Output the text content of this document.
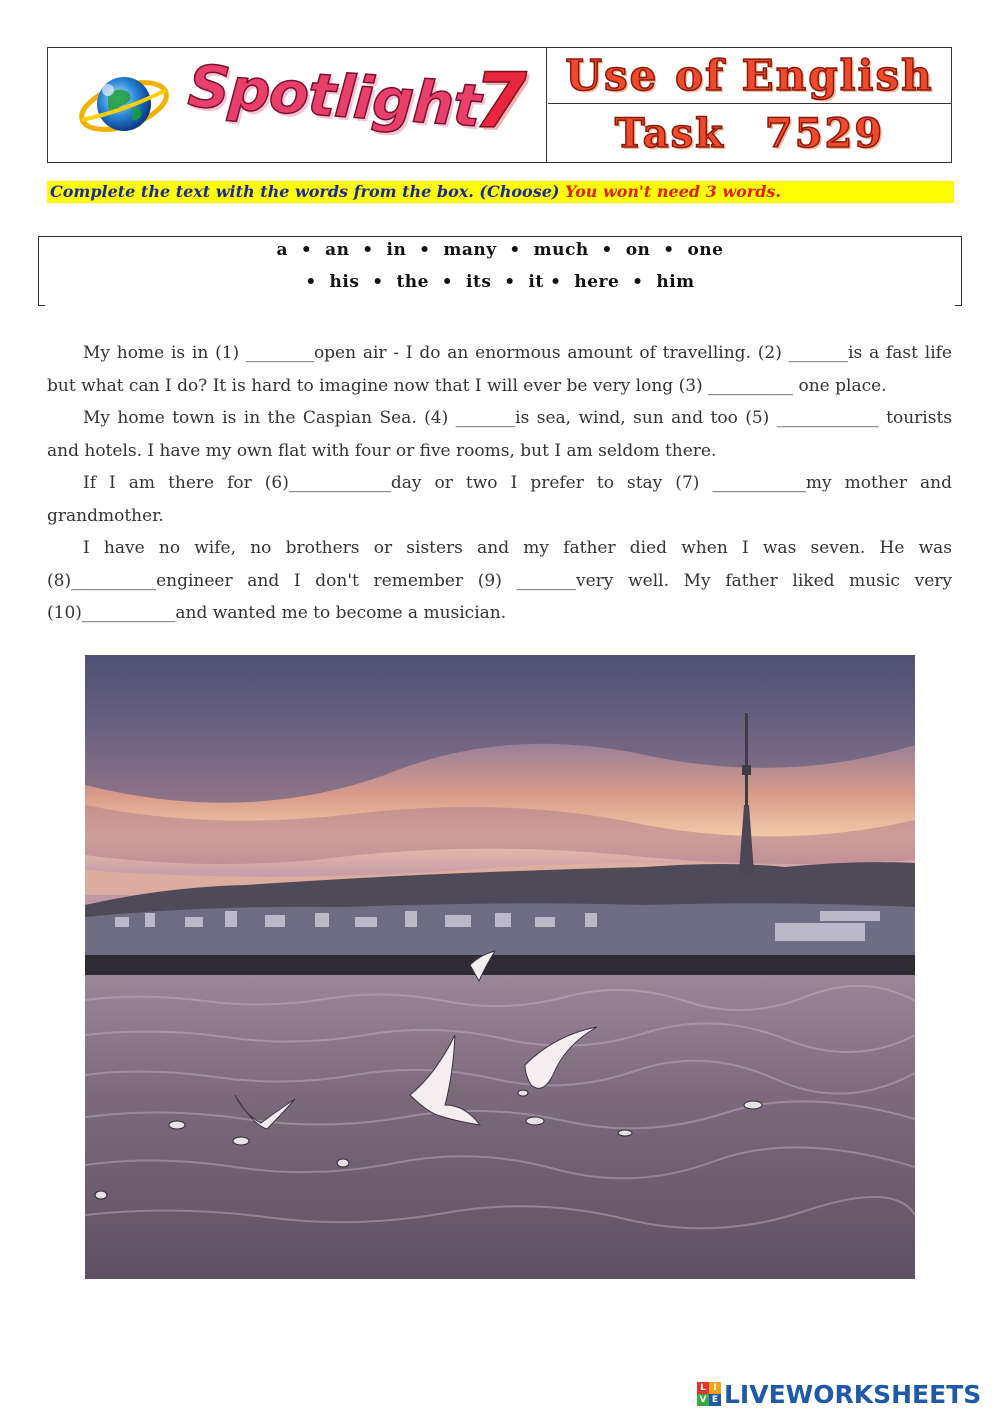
Spotlight
7 Use of English
Task 7529
Complete the text with the words from the box. (Choose) You won't need 3 words.
a  •  an  •  in  •  many  •  much  •  on  •  one
•  his  •  the  •  its  •  it •  here  •  him

My home is in (1) ________open air - I do an enormous amount of travelling. (2) _______is a fast life but what can I do? It is hard to imagine now that I will ever be very long (3) __________ one place.

My home town is in the Caspian Sea. (4) _______is sea, wind, sun and too (5) ____________ tourists and hotels. I have my own flat with four or five rooms, but I am seldom there.

If I am there for (6)____________day or two I prefer to stay (7) ___________my mother and grandmother.

I have no wife, no brothers or sisters and my father died when I was seven. He was (8)__________engineer and I don't remember (9) _______very well. My father liked music very (10)___________and wanted me to become a musician.

L I
V E LIVEWORKSHEETS
